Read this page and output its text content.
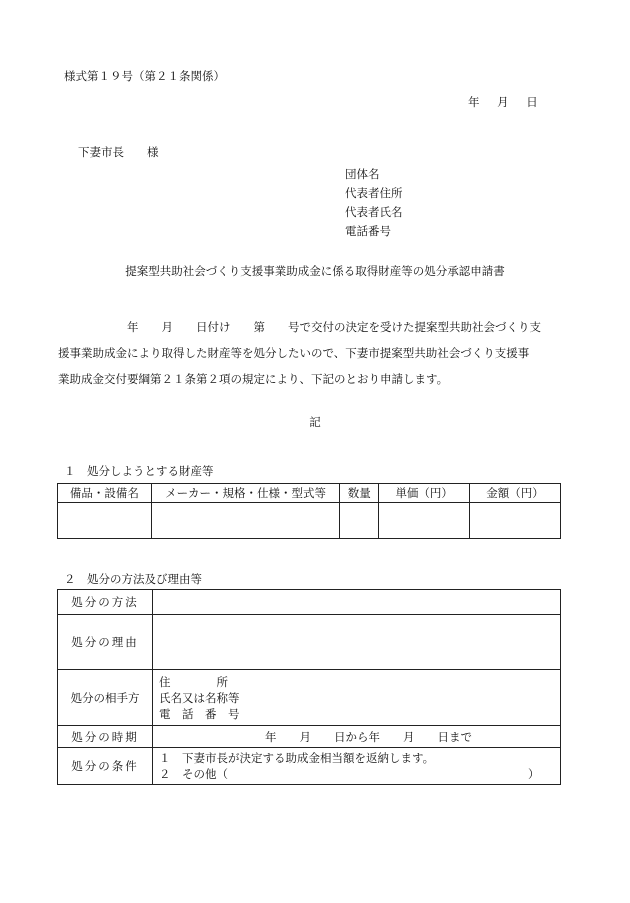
様式第１９号（第２１条関係）
年 月 日
下妻市長　　様
団体名
代表者住所
代表者氏名
電話番号
提案型共助社会づくり支援事業助成金に係る取得財産等の処分承認申請書
　　　　　　年　　月　　日付け　　第　　号で交付の決定を受けた提案型共助社会づくり支
援事業助成金により取得した財産等を処分したいので、下妻市提案型共助社会づくり支援事
業助成金交付要綱第２１条第２項の規定により、下記のとおり申請します。
記
１　処分しようとする財産等
備品・設備名	メーカー・規格・仕様・型式等	数量	単価（円）	金額（円）

２　処分の方法及び理由等
処分の方法	
処分の理由	
処分の相手方	住　　　　所
氏名又は名称等
電　話　番　号

処分の時期	年　　月　　日から年　　月　　日まで
処分の条件	１　下妻市長が決定する助成金相当額を返納します。
２　その他（ ）
